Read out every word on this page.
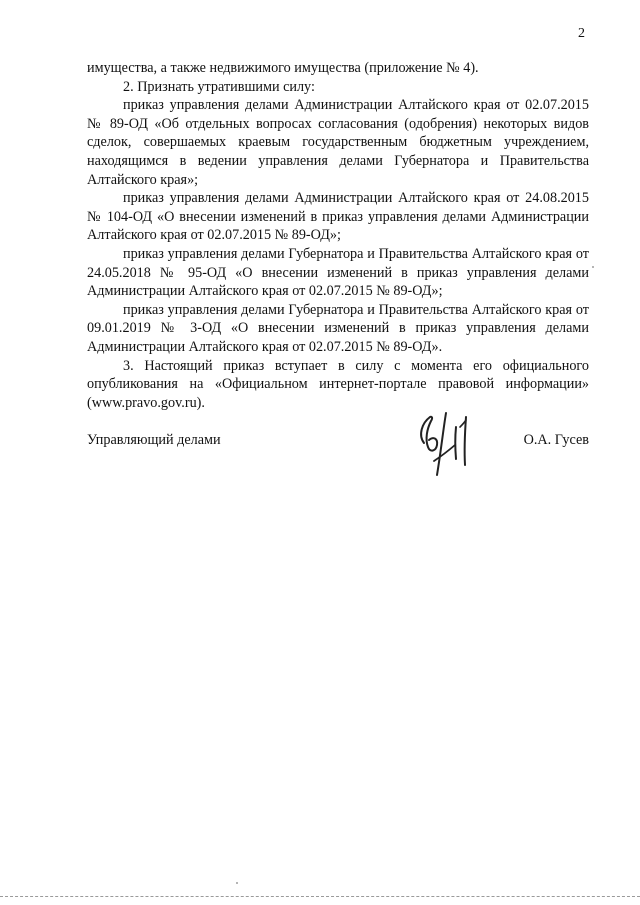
2

имущества, а также недвижимого имущества (приложение № 4).

2. Признать утратившими силу:

приказ управления делами Администрации Алтайского края от 02.07.2015 № 89-ОД «Об отдельных вопросах согласования (одобрения) некоторых видов сделок, совершаемых краевым государственным бюджетным учреждением, находящимся в ведении управления делами Губернатора и Правительства Алтайского края»;

приказ управления делами Администрации Алтайского края от 24.08.2015 № 104-ОД «О внесении изменений в приказ управления делами Администрации Алтайского края от 02.07.2015 № 89-ОД»;

приказ управления делами Губернатора и Правительства Алтайского края от 24.05.2018 № 95-ОД «О внесении изменений в приказ управления делами Администрации Алтайского края от 02.07.2015 № 89-ОД»;

приказ управления делами Губернатора и Правительства Алтайского края от 09.01.2019 № 3-ОД «О внесении изменений в приказ управления делами Администрации Алтайского края от 02.07.2015 № 89-ОД».

3. Настоящий приказ вступает в силу с момента его официального опубликования на «Официальном интернет-портале правовой информации» (www.pravo.gov.ru).

Управляющий делами	О.А. Гусев
